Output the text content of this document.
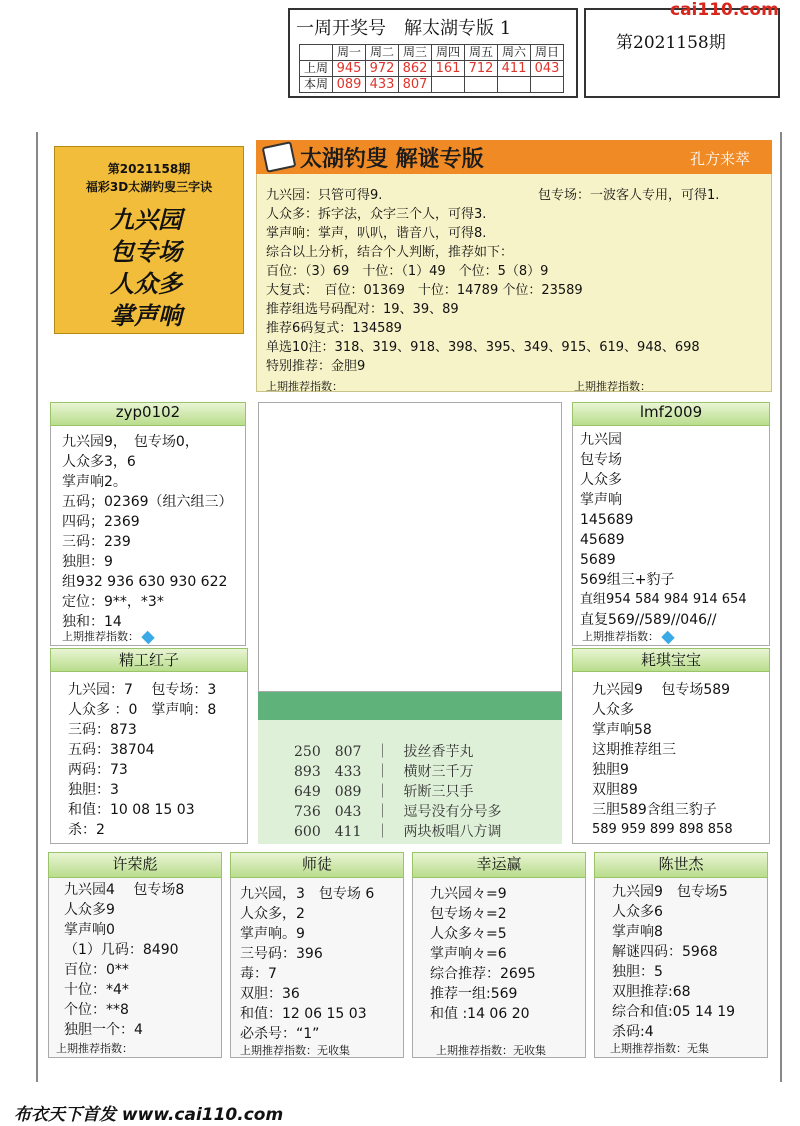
一周开奖号　解太湖专版 1
	周一	周二	周三	周四	周五	周六	周日
上周	945	972	862	161	712	411	043
本周	089	433	807				
第2021158期
cai110.com
第2021158期
福彩3D太湖钓叟三字诀
九兴园
包专场
人众多
掌声响
太湖钓叟 解谜专版	孔方来萃
九兴园：只管可得9.	包专场：一波客人专用，可得1.
人众多：拆字法，众字三个人，可得3.
掌声响：掌声，叭叭，谐音八，可得8.
综合以上分析，结合个人判断，推荐如下：
百位：（3）69　十位：（1）49　个位：5（8）9
大复式：　百位：01369　十位：14789 个位：23589
推荐组选号码配对：19、39、89
推荐6码复式：134589
单选10注：318、319、918、398、395、349、915、619、948、698
特别推荐：金胆9
上期推荐指数：	上期推荐指数：
zyp0102
九兴园9，　包专场0，
人众多3，6
掌声响2。
五码；02369（组六组三）
四码；2369
三码：239
独胆：9
组932 936 630 930 622
定位：9**，*3*
独和：14
上期推荐指数：
lmf2009
九兴园
包专场
人众多
掌声响
145689
45689
5689
569组三+豹子
直组954 584 984 914 654
直复569//589//046//
上期推荐指数：
250　 807　 ｜　 拔丝香芋丸
893　 433　 ｜　 横财三千万
649　 089　 ｜　 斩断三只手
736　 043　 ｜　 逗号没有分号多
600　 411　 ｜　 两块板唱八方调
精工红子
九兴园：7　 包专场：3
人众多 ：0　掌声响：8
三码：873
五码：38704
两码：73
独胆：3
和值：10 08 15 03
杀：2
耗琪宝宝
九兴园9　 包专场589
人众多
掌声响58
这期推荐组三
独胆9
双胆89
三胆589含组三豹子
589 959 899 898 858
许荣彪
九兴园4　 包专场8
人众多9
掌声响0
（1）几码：8490
百位：0**
十位：*4*
个位：**8
独胆一个：4
上期推荐指数：
师徒
九兴园，3　包专场 6
人众多，2
掌声响。9
三号码：396
毒：7
双胆：36
和值：12 06 15 03
必杀号：“1”
上期推荐指数：无收集
幸运赢
九兴园々=9
包专场々=2
人众多々=5
掌声响々=6
综合推荐：2695
推荐一组:569
和值 :14 06 20
上期推荐指数：无收集
陈世杰
九兴园9　包专场5
人众多6
掌声响8
解谜四码：5968
独胆：5
双胆推荐:68
综合和值:05 14 19
杀码:4
上期推荐指数：无集
布衣天下首发 www.cai110.com
